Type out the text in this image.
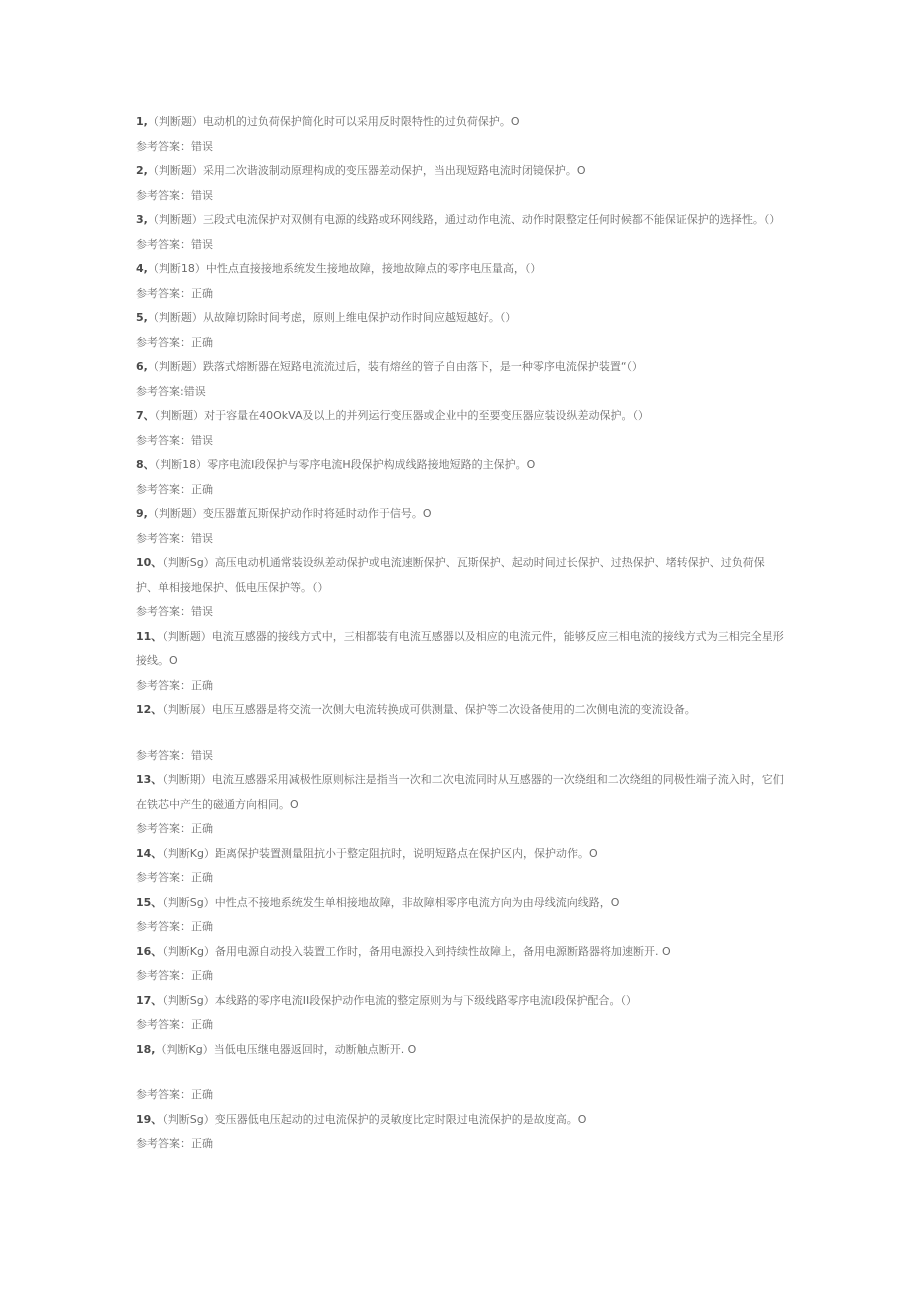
1,（判断题）电动机的过负荷保护简化时可以采用反时限特性的过负荷保护。O

参考答案：错误

2,（判断题）采用二次谐波制动原理构成的变压器差动保护，当出现短路电流时闭镜保护。O

参考答案：错误

3,（判断题）三段式电流保护对双侧有电源的线路或环网线路，通过动作电流、动作时限整定任何时候都不能保证保护的选择性。（）

参考答案：错误

4,（判断18）中性点直接接地系统发生接地故障，接地故障点的零序电压量高，（）

参考答案：正确

5,（判断题）从故障切除时间考虑，原则上维电保护动作时间应越短越好。（）

参考答案：正确

6,（判断题）跌落式熔断器在短路电流流过后，装有熔丝的管子自由落下，是一种零序电流保护装置“（）

参考答案:错误

7、（判断题）对于容量在40OkVA及以上的并列运行变压器或企业中的至要变压器应装设纵差动保护。（）

参考答案：错误

8、（判断18）零序电流I段保护与零序电流H段保护构成线路接地短路的主保护。O

参考答案：正确

9,（判断题）变压器董瓦斯保护动作时将延时动作于信号。O

参考答案：错误

10、（判断Sg）高压电动机通常装设纵差动保护或电流速断保护、瓦斯保护、起动时间过长保护、过热保护、堵转保护、过负荷保护、单相接地保护、低电压保护等。（）

参考答案：错误

11、（判断题）电流互感器的接线方式中，三相都装有电流互感器以及相应的电流元件，能够反应三相电流的接线方式为三相完全星形接线。O

参考答案：正确

12、（判断展）电压互感器是将交流一次侧大电流转换成可供测量、保护等二次设备使用的二次侧电流的变流设备。

参考答案：错误

13、（判断期）电流互感器采用减极性原则标注是指当一次和二次电流同时从互感器的一次绕组和二次绕组的同极性端子流入时，它们在铁芯中产生的磁通方向相同。O

参考答案：正确

14、（判断Kg）距离保护装置测量阻抗小于整定阻抗时，说明短路点在保护区内，保护动作。O

参考答案：正确

15、（判断Sg）中性点不接地系统发生单相接地故障，非故障相零序电流方向为由母线流向线路，O

参考答案：正确

16、（判断Kg）备用电源自动投入装置工作时，备用电源投入到持续性故障上，备用电源断路器将加速断开. O

参考答案：正确

17、（判断Sg）本线路的零序电流II段保护动作电流的整定原则为与下级线路零序电流I段保护配合。（）

参考答案：正确

18,（判断Kg）当低电压继电器返回时，动断触点断开. O

参考答案：正确

19、（判断Sg）变压器低电压起动的过电流保护的灵敏度比定时限过电流保护的是故度高。O

参考答案：正确
